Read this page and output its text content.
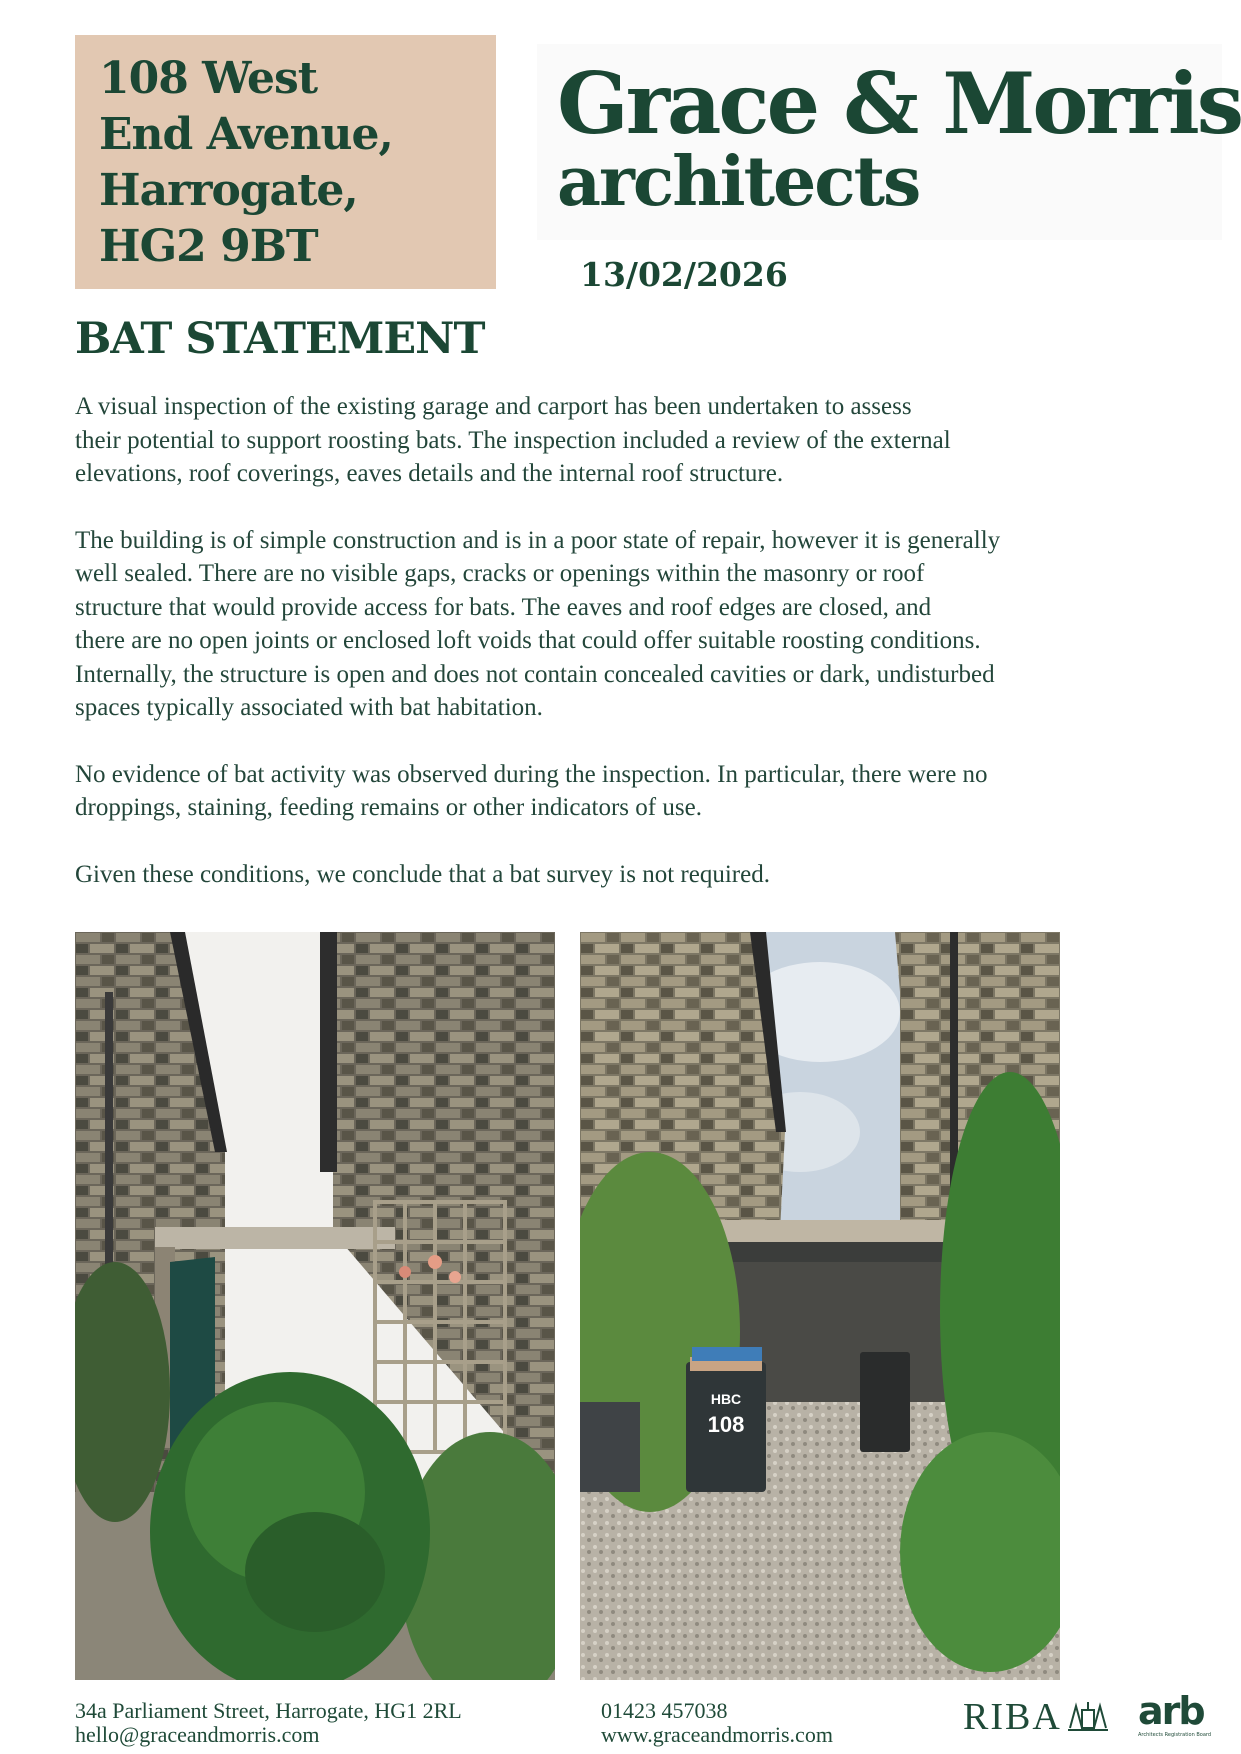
108 West
End Avenue,
Harrogate,
HG2 9BT
Grace & Morris
architects
13/02/2026
BAT STATEMENT

A visual inspection of the existing garage and carport has been undertaken to assess
their potential to support roosting bats. The inspection included a review of the external
elevations, roof coverings, eaves details and the internal roof structure.

The building is of simple construction and is in a poor state of repair, however it is generally
well sealed. There are no visible gaps, cracks or openings within the masonry or roof
structure that would provide access for bats. The eaves and roof edges are closed, and
there are no open joints or enclosed loft voids that could offer suitable roosting conditions.
Internally, the structure is open and does not contain concealed cavities or dark, undisturbed
spaces typically associated with bat habitation.

No evidence of bat activity was observed during the inspection. In particular, there were no
droppings, staining, feeding remains or other indicators of use.

Given these conditions, we conclude that a bat survey is not required.

HBC
108
34a Parliament Street, Harrogate, HG1 2RL
hello@graceandmorris.com
01423 457038
www.graceandmorris.com	RIBA arb
Architects Registration Board
